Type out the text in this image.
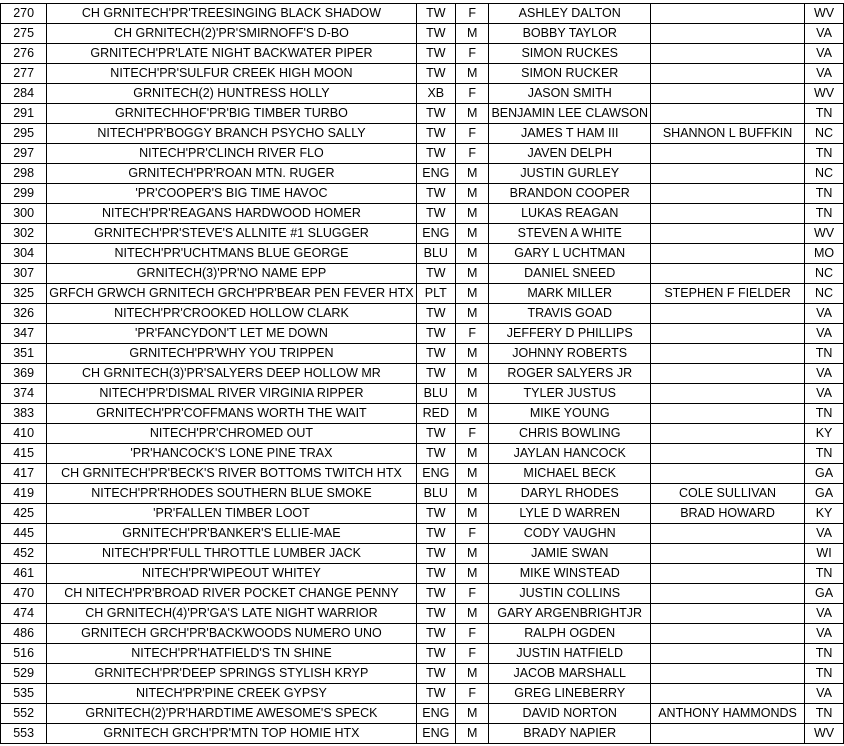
270	CH GRNITECH'PR'TREESINGING BLACK SHADOW	TW	F	ASHLEY DALTON		WV
275	CH GRNITECH(2)'PR'SMIRNOFF'S D-BO	TW	M	BOBBY TAYLOR		VA
276	GRNITECH'PR'LATE NIGHT BACKWATER PIPER	TW	F	SIMON RUCKES		VA
277	NITECH'PR'SULFUR CREEK HIGH MOON	TW	M	SIMON RUCKER		VA
284	GRNITECH(2) HUNTRESS HOLLY	XB	F	JASON SMITH		WV
291	GRNITECHHOF'PR'BIG TIMBER TURBO	TW	M	BENJAMIN LEE CLAWSON		TN
295	NITECH'PR'BOGGY BRANCH PSYCHO SALLY	TW	F	JAMES T HAM III	SHANNON L BUFFKIN	NC
297	NITECH'PR'CLINCH RIVER FLO	TW	F	JAVEN DELPH		TN
298	GRNITECH'PR'ROAN MTN. RUGER	ENG	M	JUSTIN GURLEY		NC
299	'PR'COOPER'S BIG TIME HAVOC	TW	M	BRANDON COOPER		TN
300	NITECH'PR'REAGANS HARDWOOD HOMER	TW	M	LUKAS REAGAN		TN
302	GRNITECH'PR'STEVE'S ALLNITE #1 SLUGGER	ENG	M	STEVEN A WHITE		WV
304	NITECH'PR'UCHTMANS BLUE GEORGE	BLU	M	GARY L UCHTMAN		MO
307	GRNITECH(3)'PR'NO NAME EPP	TW	M	DANIEL SNEED		NC
325	GRFCH GRWCH GRNITECH GRCH'PR'BEAR PEN FEVER HTX	PLT	M	MARK MILLER	STEPHEN F FIELDER	NC
326	NITECH'PR'CROOKED HOLLOW CLARK	TW	M	TRAVIS GOAD		VA
347	'PR'FANCYDON'T LET ME DOWN	TW	F	JEFFERY D PHILLIPS		VA
351	GRNITECH'PR'WHY YOU TRIPPEN	TW	M	JOHNNY ROBERTS		TN
369	CH GRNITECH(3)'PR'SALYERS DEEP HOLLOW MR	TW	M	ROGER SALYERS JR		VA
374	NITECH'PR'DISMAL RIVER VIRGINIA RIPPER	BLU	M	TYLER JUSTUS		VA
383	GRNITECH'PR'COFFMANS WORTH THE WAIT	RED	M	MIKE YOUNG		TN
410	NITECH'PR'CHROMED OUT	TW	F	CHRIS BOWLING		KY
415	'PR'HANCOCK'S LONE PINE TRAX	TW	M	JAYLAN HANCOCK		TN
417	CH GRNITECH'PR'BECK'S RIVER BOTTOMS TWITCH HTX	ENG	M	MICHAEL BECK		GA
419	NITECH'PR'RHODES SOUTHERN BLUE SMOKE	BLU	M	DARYL RHODES	COLE SULLIVAN	GA
425	'PR'FALLEN TIMBER LOOT	TW	M	LYLE D WARREN	BRAD HOWARD	KY
445	GRNITECH'PR'BANKER'S ELLIE-MAE	TW	F	CODY VAUGHN		VA
452	NITECH'PR'FULL THROTTLE LUMBER JACK	TW	M	JAMIE SWAN		WI
461	NITECH'PR'WIPEOUT WHITEY	TW	M	MIKE WINSTEAD		TN
470	CH NITECH'PR'BROAD RIVER POCKET CHANGE PENNY	TW	F	JUSTIN COLLINS		GA
474	CH GRNITECH(4)'PR'GA'S LATE NIGHT WARRIOR	TW	M	GARY ARGENBRIGHTJR		VA
486	GRNITECH GRCH'PR'BACKWOODS NUMERO UNO	TW	F	RALPH OGDEN		VA
516	NITECH'PR'HATFIELD'S TN SHINE	TW	F	JUSTIN HATFIELD		TN
529	GRNITECH'PR'DEEP SPRINGS STYLISH KRYP	TW	M	JACOB MARSHALL		TN
535	NITECH'PR'PINE CREEK GYPSY	TW	F	GREG LINEBERRY		VA
552	GRNITECH(2)'PR'HARDTIME AWESOME'S SPECK	ENG	M	DAVID NORTON	ANTHONY HAMMONDS	TN
553	GRNITECH GRCH'PR'MTN TOP HOMIE HTX	ENG	M	BRADY NAPIER		WV
